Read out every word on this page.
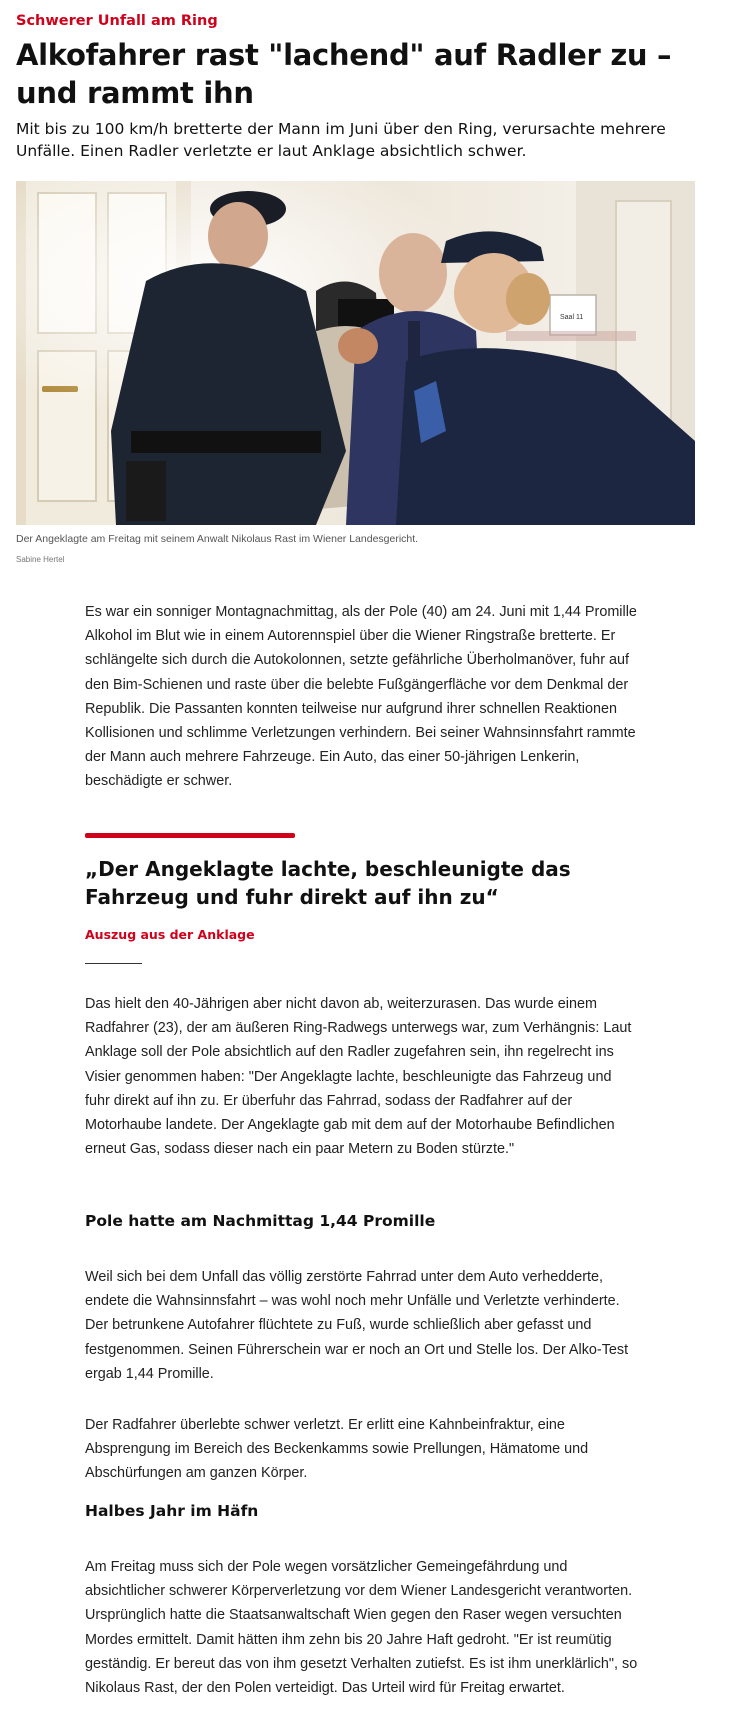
Schwerer Unfall am Ring
Alkofahrer rast "lachend" auf Radler zu – und rammt ihn

Mit bis zu 100 km/h bretterte der Mann im Juni über den Ring, verursachte mehrere Unfälle. Einen Radler verletzte er laut Anklage absichtlich schwer.

Saal 11
Der Angeklagte am Freitag mit seinem Anwalt Nikolaus Rast im Wiener Landesgericht.
Sabine Hertel

Es war ein sonniger Montagnachmittag, als der Pole (40) am 24. Juni mit 1,44 Promille Alkohol im Blut wie in einem Autorennspiel über die Wiener Ringstraße bretterte. Er schlängelte sich durch die Autokolonnen, setzte gefährliche Überholmanöver, fuhr auf den Bim-Schienen und raste über die belebte Fußgängerfläche vor dem Denkmal der Republik. Die Passanten konnten teilweise nur aufgrund ihrer schnellen Reaktionen Kollisionen und schlimme Verletzungen verhindern. Bei seiner Wahnsinnsfahrt rammte der Mann auch mehrere Fahrzeuge. Ein Auto, das einer 50-jährigen Lenkerin, beschädigte er schwer.

„Der Angeklagte lachte, beschleunigte das Fahrzeug und fuhr direkt auf ihn zu“
Auszug aus der Anklage

Das hielt den 40-Jährigen aber nicht davon ab, weiterzurasen. Das wurde einem Radfahrer (23), der am äußeren Ring-Radwegs unterwegs war, zum Verhängnis: Laut Anklage soll der Pole absichtlich auf den Radler zugefahren sein, ihn regelrecht ins Visier genommen haben: "Der Angeklagte lachte, beschleunigte das Fahrzeug und fuhr direkt auf ihn zu. Er überfuhr das Fahrrad, sodass der Radfahrer auf der Motorhaube landete. Der Angeklagte gab mit dem auf der Motorhaube Befindlichen erneut Gas, sodass dieser nach ein paar Metern zu Boden stürzte."

Pole hatte am Nachmittag 1,44 Promille

Weil sich bei dem Unfall das völlig zerstörte Fahrrad unter dem Auto verhedderte, endete die Wahnsinnsfahrt – was wohl noch mehr Unfälle und Verletzte verhinderte. Der betrunkene Autofahrer flüchtete zu Fuß, wurde schließlich aber gefasst und festgenommen. Seinen Führerschein war er noch an Ort und Stelle los. Der Alko-Test ergab 1,44 Promille.

Der Radfahrer überlebte schwer verletzt. Er erlitt eine Kahnbeinfraktur, eine Absprengung im Bereich des Beckenkamms sowie Prellungen, Hämatome und Abschürfungen am ganzen Körper.

Halbes Jahr im Häfn

Am Freitag muss sich der Pole wegen vorsätzlicher Gemeingefährdung und absichtlicher schwerer Körperverletzung vor dem Wiener Landesgericht verantworten. Ursprünglich hatte die Staatsanwaltschaft Wien gegen den Raser wegen versuchten Mordes ermittelt. Damit hätten ihm zehn bis 20 Jahre Haft gedroht. "Er ist reumütig geständig. Er bereut das von ihm gesetzt Verhalten zutiefst. Es ist ihm unerklärlich", so Nikolaus Rast, der den Polen verteidigt. Das Urteil wird für Freitag erwartet.
